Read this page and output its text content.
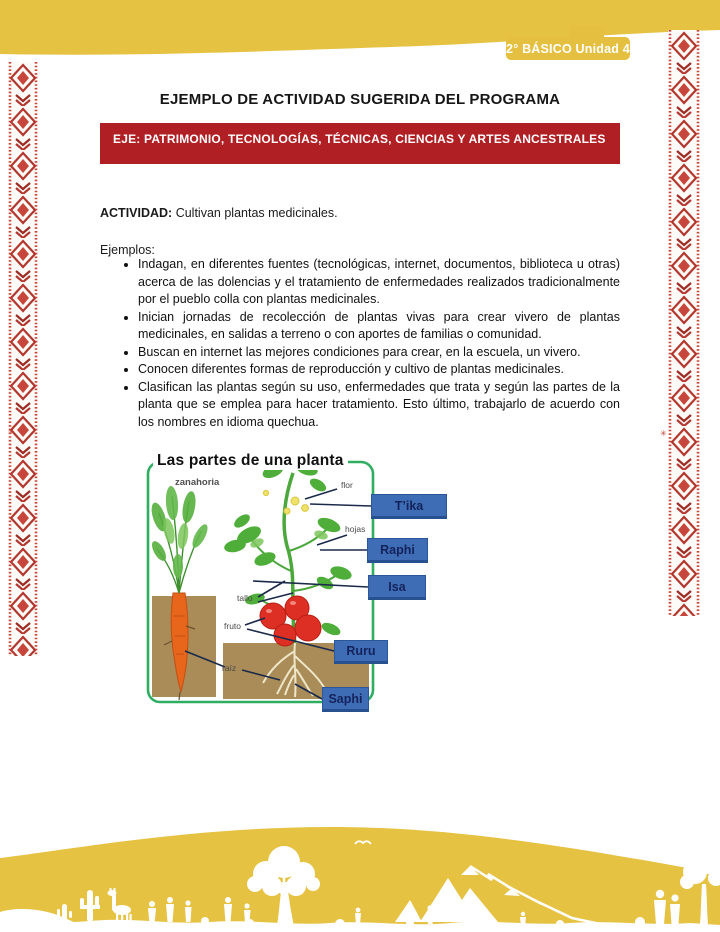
2° BÁSICO Unidad 4
✳	✳
EJEMPLO DE ACTIVIDAD SUGERIDA DEL PROGRAMA
EJE: PATRIMONIO, TECNOLOGÍAS, TÉCNICAS, CIENCIAS Y ARTES ANCESTRALES
ACTIVIDAD: Cultivan plantas medicinales.
Ejemplos:
• Indagan, en diferentes fuentes (tecnológicas, internet, documentos, biblioteca u otras) acerca de las dolencias y el tratamiento de enfermedades realizados tradicionalmente por el pueblo colla con plantas medicinales.
• Inician jornadas de recolección de plantas vivas para crear vivero de plantas medicinales, en salidas a terreno o con aportes de familias o comunidad.
• Buscan en internet las mejores condiciones para crear, en la escuela, un vivero.
• Conocen diferentes formas de reproducción y cultivo de plantas medicinales.
• Clasifican las plantas según su uso, enfermedades que trata y según las partes de la planta que se emplea para hacer tratamiento. Esto último, trabajarlo de acuerdo con los nombres en idioma quechua.
Las partes de una planta
zanahoria	flor
hojas
tallo
fruto
raíz
T’ika
Raphi
Isa
Ruru
Saphi
